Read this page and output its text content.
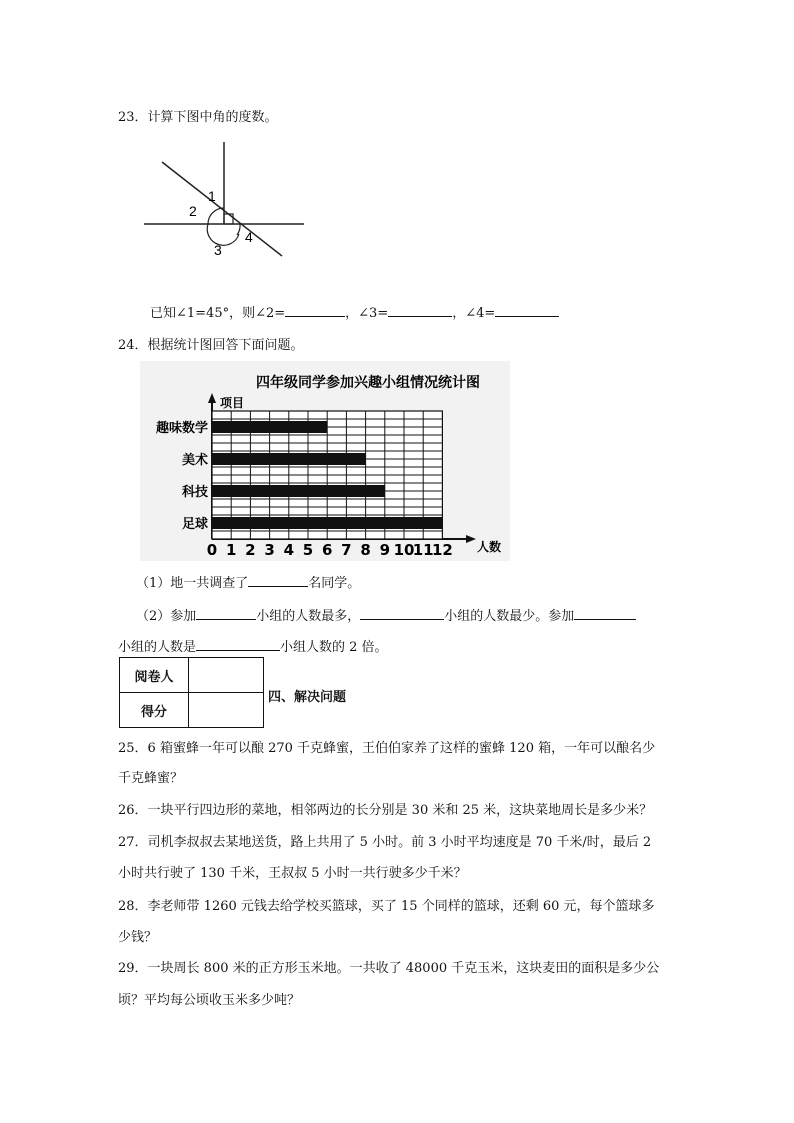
23．计算下图中角的度数。
1
2
3
4
已知∠1=45°，则∠2=	，∠3=	，∠4=
24．根据统计图回答下面问题。
四年级同学参加兴趣小组情况统计图
项目
人数
趣味数学
美术
科技
足球
0 1 2 3 4 5 6 7 8 9 10
11
12
（1）地一共调查了	名同学。
（2）参加	小组的人数最多，	小组的人数最少。参加
小组的人数是	小组人数的 2 倍。
阅卷人	
得分	
四、解决问题
25．6 箱蜜蜂一年可以酿 270 千克蜂蜜，王伯伯家养了这样的蜜蜂 120 箱，一年可以酿名少
千克蜂蜜？
26．一块平行四边形的菜地，相邻两边的长分别是 30 米和 25 米，这块菜地周长是多少米？
27．司机李叔叔去某地送货，路上共用了 5 小时。前 3 小时平均速度是 70 千米/时，最后 2
小时共行驶了 130 千米，王叔叔 5 小时一共行驶多少千米？
28．李老师带 1260 元钱去给学校买篮球，买了 15 个同样的篮球，还剩 60 元，每个篮球多
少钱？
29．一块周长 800 米的正方形玉米地。一共收了 48000 千克玉米，这块麦田的面积是多少公
顷？平均每公顷收玉米多少吨？
